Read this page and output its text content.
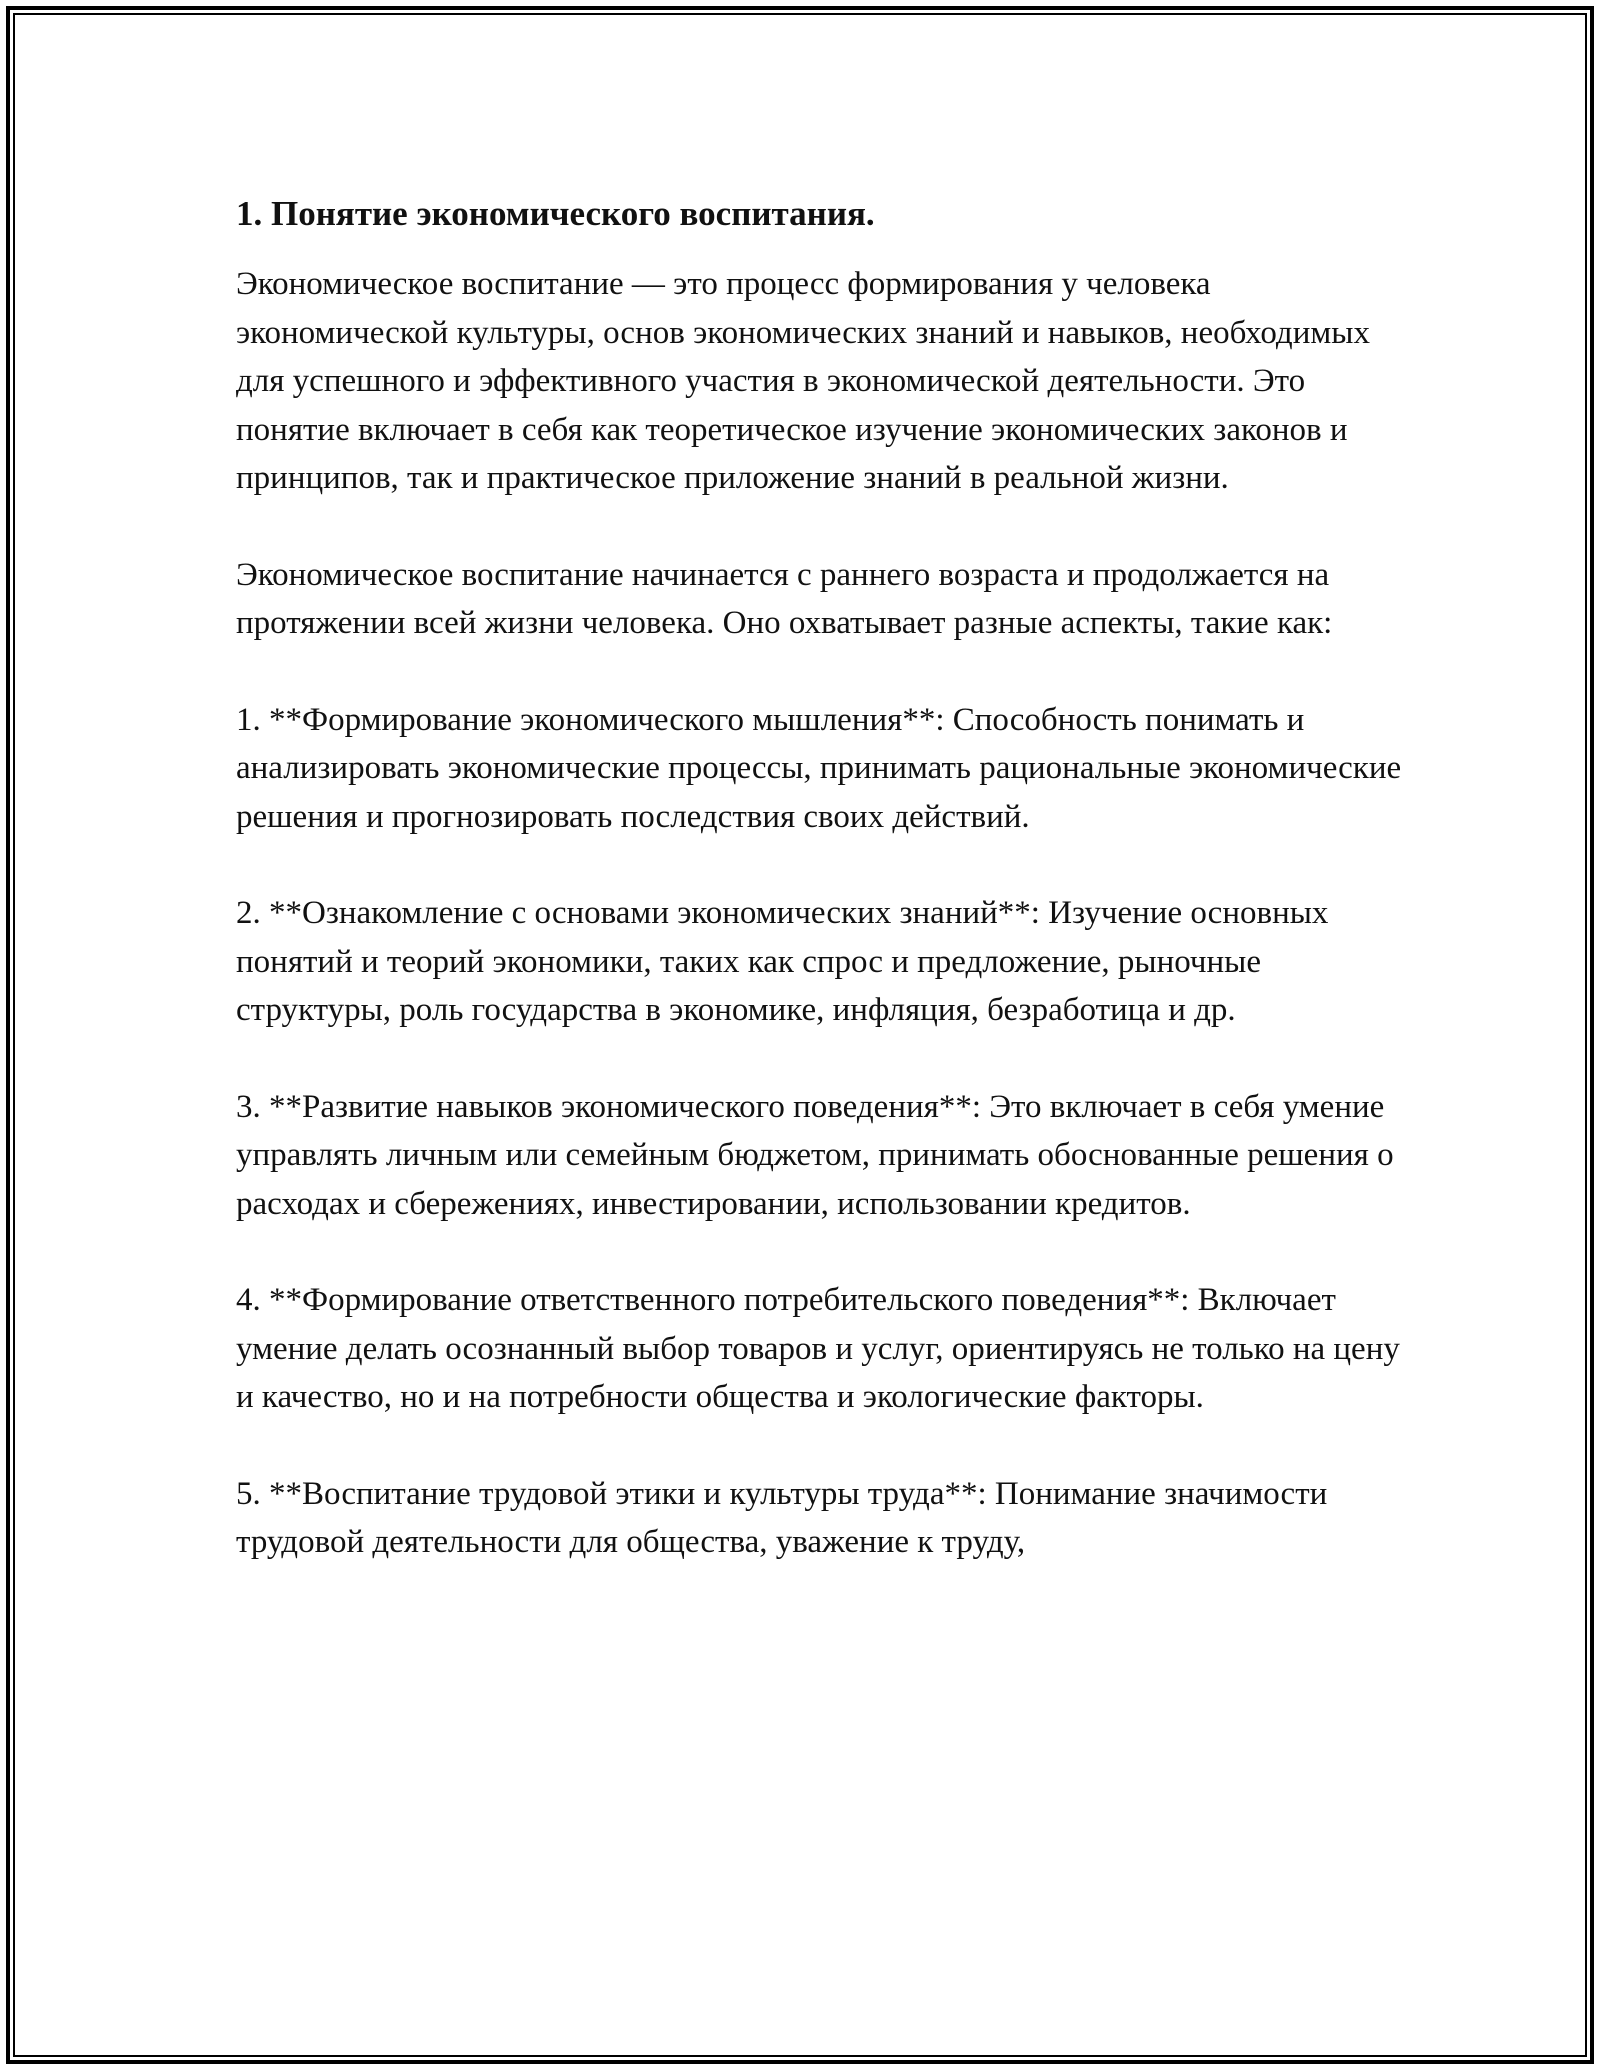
1. Понятие экономического воспитания.

Экономическое воспитание — это процесс формирования у человека экономической культуры, основ экономических знаний и навыков, необходимых для успешного и эффективного участия в экономической деятельности. Это понятие включает в себя как теоретическое изучение экономических законов и принципов, так и практическое приложение знаний в реальной жизни.

Экономическое воспитание начинается с раннего возраста и продолжается на протяжении всей жизни человека. Оно охватывает разные аспекты, такие как:

1. **Формирование экономического мышления**: Способность понимать и анализировать экономические процессы, принимать рациональные экономические решения и прогнозировать последствия своих действий.

2. **Ознакомление с основами экономических знаний**: Изучение основных понятий и теорий экономики, таких как спрос и предложение, рыночные структуры, роль государства в экономике, инфляция, безработица и др.

3. **Развитие навыков экономического поведения**: Это включает в себя умение управлять личным или семейным бюджетом, принимать обоснованные решения о расходах и сбережениях, инвестировании, использовании кредитов.

4. **Формирование ответственного потребительского поведения**: Включает умение делать осознанный выбор товаров и услуг, ориентируясь не только на цену и качество, но и на потребности общества и экологические факторы.

5. **Воспитание трудовой этики и культуры труда**: Понимание значимости трудовой деятельности для общества, уважение к труду,
